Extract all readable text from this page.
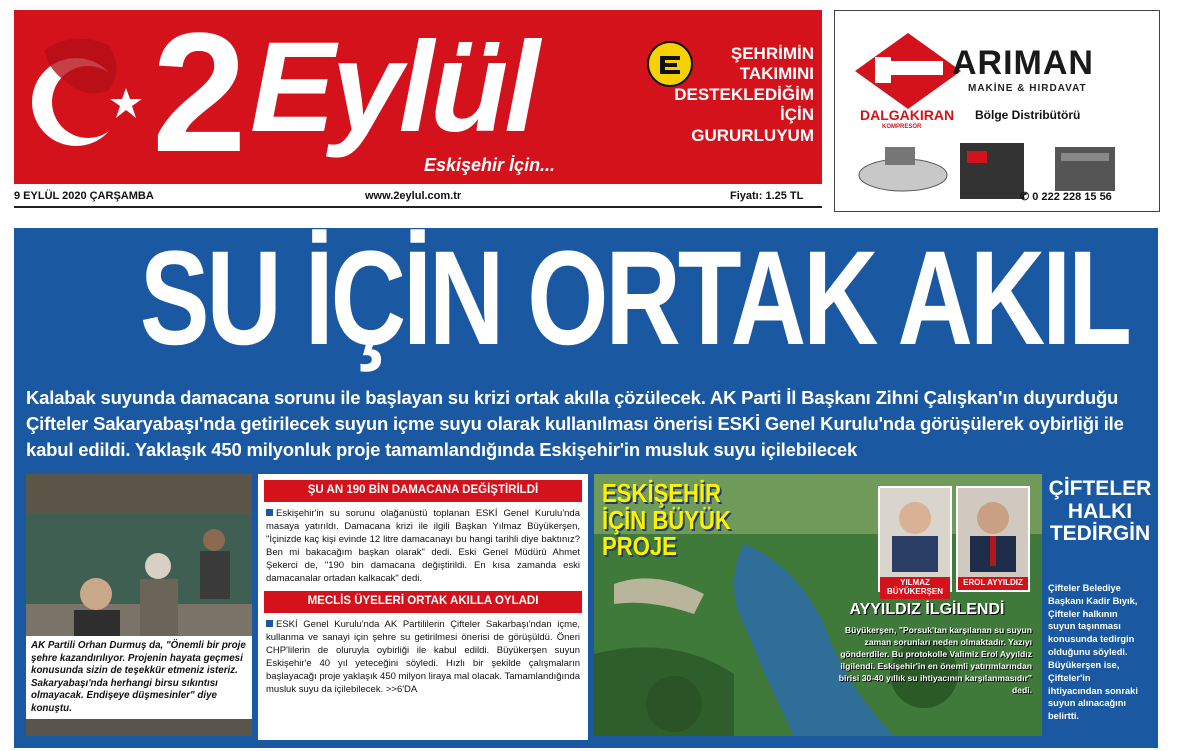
2 Eylül
Eskişehir İçin...
ŞEHRİMİN
TAKIMINI
DESTEKLEDİĞİM
İÇİN
GURURLUYUM
9 EYLÜL 2020 ÇARŞAMBA	www.2eylul.com.tr	Fiyatı: 1.25 TL
ARIMAN
MAKİNE & HIRDAVAT
DALGAKIRAN Bölge Distribütörü
KOMPRESÖR
✆ 0 222 228 15 56
SU İÇİN ORTAK AKIL
Kalabak suyunda damacana sorunu ile başlayan su krizi ortak akılla çözülecek. AK Parti İl Başkanı Zihni Çalışkan'ın duyurduğu Çifteler Sakaryabaşı'nda getirilecek suyun içme suyu olarak kullanılması önerisi ESKİ Genel Kurulu'nda görüşülerek oybirliği ile kabul edildi. Yaklaşık 450 milyonluk proje tamamlandığında Eskişehir'in musluk suyu içilebilecek
AK Partili Orhan Durmuş da, "Önemli bir proje şehre kazandırılıyor. Projenin hayata geçmesi konusunda sizin de teşekkür etmeniz isteriz. Sakaryabaşı'nda herhangi birsu sıkıntısı olmayacak. Endişeye düşmesinler" diye konuştu.
ŞU AN 190 BİN DAMACANA DEĞİŞTİRİLDİ
Eskişehir'in su sorunu olağanüstü toplanan ESKİ Genel Kurulu'nda masaya yatırıldı. Damacana krizi ile ilgili Başkan Yılmaz Büyükerşen, "İçinizde kaç kişi evinde 12 litre damacanayı bu hangi tarihli diye baktınız? Ben mi bakacağım başkan olarak" dedi. Eski Genel Müdürü Ahmet Şekerci de, "190 bin damacana değiştirildi. En kısa zamanda eski damacanalar ortadan kalkacak" dedi.
MECLİS ÜYELERİ ORTAK AKILLA OYLADI
ESKİ Genel Kurulu'nda AK Partililerin Çifteler Sakarbaşı'ndan içme, kullanma ve sanayi için şehre su getirilmesi önerisi de görüşüldü. Öneri CHP'lilerin de oluruyla oybirliği ile kabul edildi. Büyükerşen suyun Eskişehir'e 40 yıl yeteceğini söyledi. Hızlı bir şekilde çalışmaların başlayacağı proje yaklaşık 450 milyon liraya mal olacak. Tamamlandığında musluk suyu da içilebilecek. >>6'DA
ESKİŞEHİR
İÇİN BÜYÜK
PROJE
YILMAZ BÜYÜKERŞEN
EROL AYYILDIZ
AYYILDIZ İLGİLENDİ
Büyükerşen, "Porsuk'tan karşılanan su suyun zaman sorunları neden olmaktadır. Yazıyı gönderdiler. Bu protokolle Valimiz Erol Ayyıldız ilgilendi. Eskişehir'in en önemli yatırımlarından birisi 30-40 yıllık su ihtiyacının karşılanmasıdır" dedi.
ÇİFTELER
HALKI
TEDİRGİN
Çifteler Belediye Başkanı Kadir Bıyık, Çifteler halkının suyun taşınması konusunda tedirgin olduğunu söyledi. Büyükerşen ise, Çifteler'in ihtiyacından sonraki suyun alınacağını belirtti.
